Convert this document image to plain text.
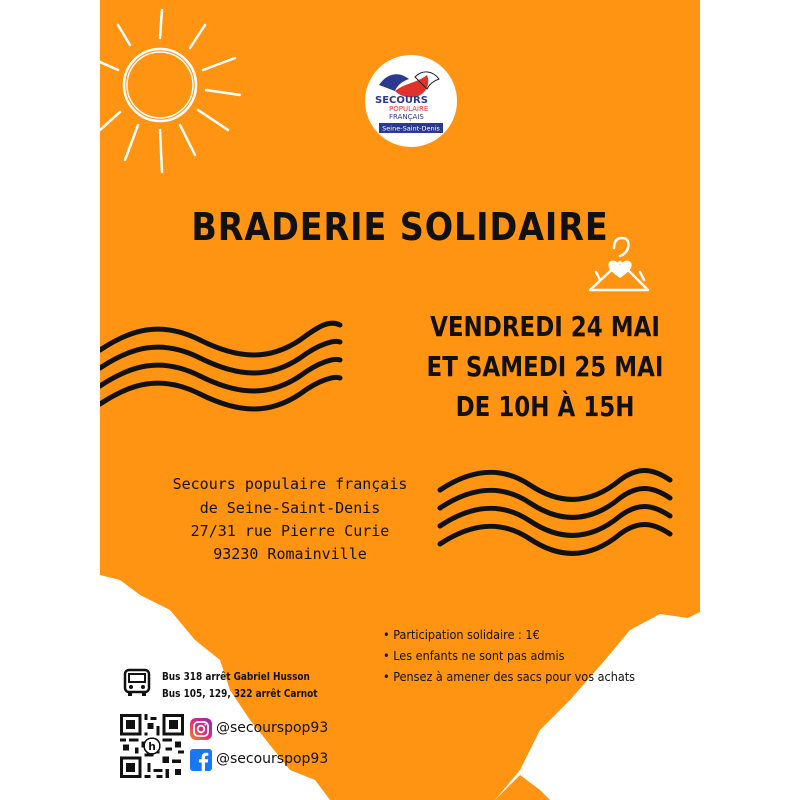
SECOURS
POPULAIRE
FRANÇAIS
Seine-Saint-Denis
BRADERIE SOLIDAIRE
VENDREDI 24 MAI
ET SAMEDI 25 MAI
DE 10H À 15H
Secours populaire français
de Seine-Saint-Denis
27/31 rue Pierre Curie
93230 Romainville
• Participation solidaire : 1€
• Les enfants ne sont pas admis
• Pensez à amener des sacs pour vos achats
Bus 318 arrêt Gabriel Husson
Bus 105, 129, 322 arrêt Carnot
h
@secourspop93
@secourspop93
